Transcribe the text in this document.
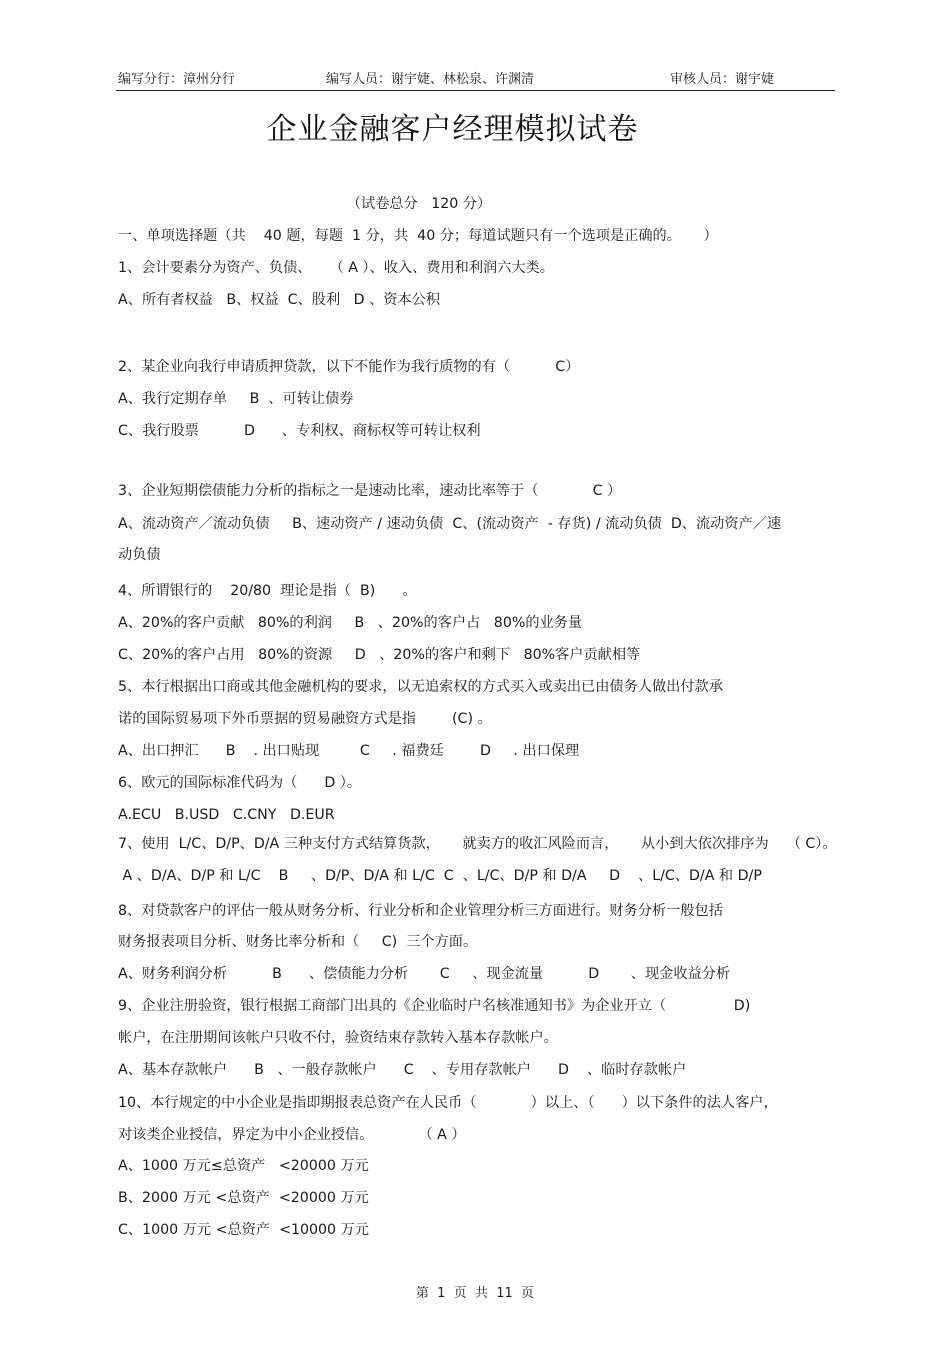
编写分行：漳州分行	编写人员：谢宇婕、林松泉、许渊清	审核人员：谢宇婕
企业金融客户经理模拟试卷
（试卷总分   120 分）
一、单项选择题（共    40 题，每题  1 分，共  40 分；每道试题只有一个选项是正确的。     ）
1、会计要素分为资产、负债、    （ A ）、收入、费用和利润六大类。
A、所有者权益   B、权益  C、股利   D 、资本公积
2、某企业向我行申请质押贷款，以下不能作为我行质物的有（          C）
A、我行定期存单     B  、可转让债券
C、我行股票          D      、专利权、商标权等可转让权利
3、企业短期偿债能力分析的指标之一是速动比率，速动比率等于（            C ）
A、流动资产／流动负债     B、速动资产 / 速动负债  C、(流动资产  - 存货) / 流动负债  D、流动资产／速
动负债
4、所谓银行的    20/80  理论是指（  B)      。
A、20%的客户贡献   80%的利润     B   、20%的客户占   80%的业务量
C、20%的客户占用   80%的资源     D   、20%的客户和剩下   80%客户贡献相等
5、本行根据出口商或其他金融机构的要求，以无追索权的方式买入或卖出已由债务人做出付款承
诺的国际贸易项下外币票据的贸易融资方式是指        (C) 。
A、出口押汇      B    . 出口贴现         C     . 福费廷        D     . 出口保理
6、欧元的国际标准代码为（      D ）。
A.ECU   B.USD   C.CNY   D.EUR
7、使用  L/C、D/P、D/A 三种支付方式结算货款，     就卖方的收汇风险而言，     从小到大依次排序为    （ C）。
A 、D/A、D/P 和 L/C    B     、D/P、D/A 和 L/C  C  、L/C、D/P 和 D/A     D    、L/C、D/A 和 D/P
8、对贷款客户的评估一般从财务分析、行业分析和企业管理分析三方面进行。财务分析一般包括
财务报表项目分析、财务比率分析和（     C)  三个方面。
A、财务利润分析          B      、偿债能力分析       C     、现金流量          D       、现金收益分析
9、企业注册验资，银行根据工商部门出具的《企业临时户名核准通知书》为企业开立（               D)
帐户，在注册期间该帐户只收不付，验资结束存款转入基本存款帐户。
A、基本存款帐户      B   、一般存款帐户      C    、专用存款帐户      D    、临时存款帐户
10、本行规定的中小企业是指即期报表总资产在人民币（            ）以上、（      ）以下条件的法人客户，
对该类企业授信，界定为中小企业授信。          （ A ）
A、1000 万元≤总资产   <20000 万元
B、2000 万元 <总资产  <20000 万元
C、1000 万元 <总资产  <10000 万元
第  1  页  共  11  页
